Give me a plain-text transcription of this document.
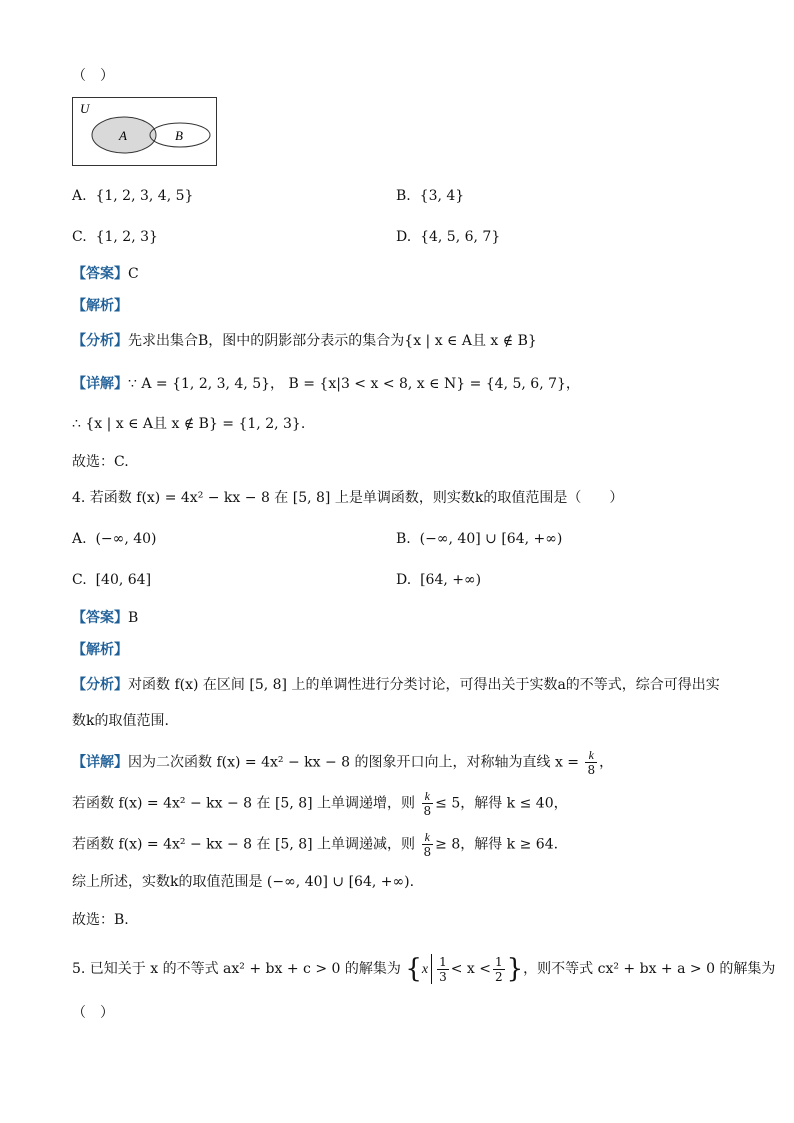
（　）
U
A	B
A. {1, 2, 3, 4, 5}	B. {3, 4}
C. {1, 2, 3}	D. {4, 5, 6, 7}
【答案】C
【解析】
【分析】先求出集合B，图中的阴影部分表示的集合为{x | x ∈ A且 x ∉ B}
【详解】∵ A = {1, 2, 3, 4, 5}， B = {x|3 < x < 8, x ∈ N} = {4, 5, 6, 7}，
∴ {x | x ∈ A且 x ∉ B} = {1, 2, 3}.
故选：C.
4. 若函数 f(x) = 4x² − kx − 8 在 [5, 8] 上是单调函数，则实数k的取值范围是（　　）
A. (−∞, 40)	B. (−∞, 40] ∪ [64, +∞)
C. [40, 64]	D. [64, +∞)
【答案】B
【解析】
【分析】对函数 f(x) 在区间 [5, 8] 上的单调性进行分类讨论，可得出关于实数a的不等式，综合可得出实
数k的取值范围.
【详解】因为二次函数 f(x) = 4x² − kx − 8 的图象开口向上，对称轴为直线 $x = \frac{k}{8}$ ，
若函数 f(x) = 4x² − kx − 8 在 [5, 8] 上单调递增，则 $\frac{k}{8} \le 5$，解得 k ≤ 40，
若函数 f(x) = 4x² − kx − 8 在 [5, 8] 上单调递减，则 $\frac{k}{8} \ge 8$，解得 k ≥ 64.
综上所述，实数k的取值范围是 (−∞, 40] ∪ [64, +∞).
故选：B.
5. 已知关于 x 的不等式 ax² + bx + c > 0 的解集为 {$x \frac{1}{3} < x < \frac{1}{2}$ }，则不等式 cx² + bx + a > 0 的解集为
（　）
